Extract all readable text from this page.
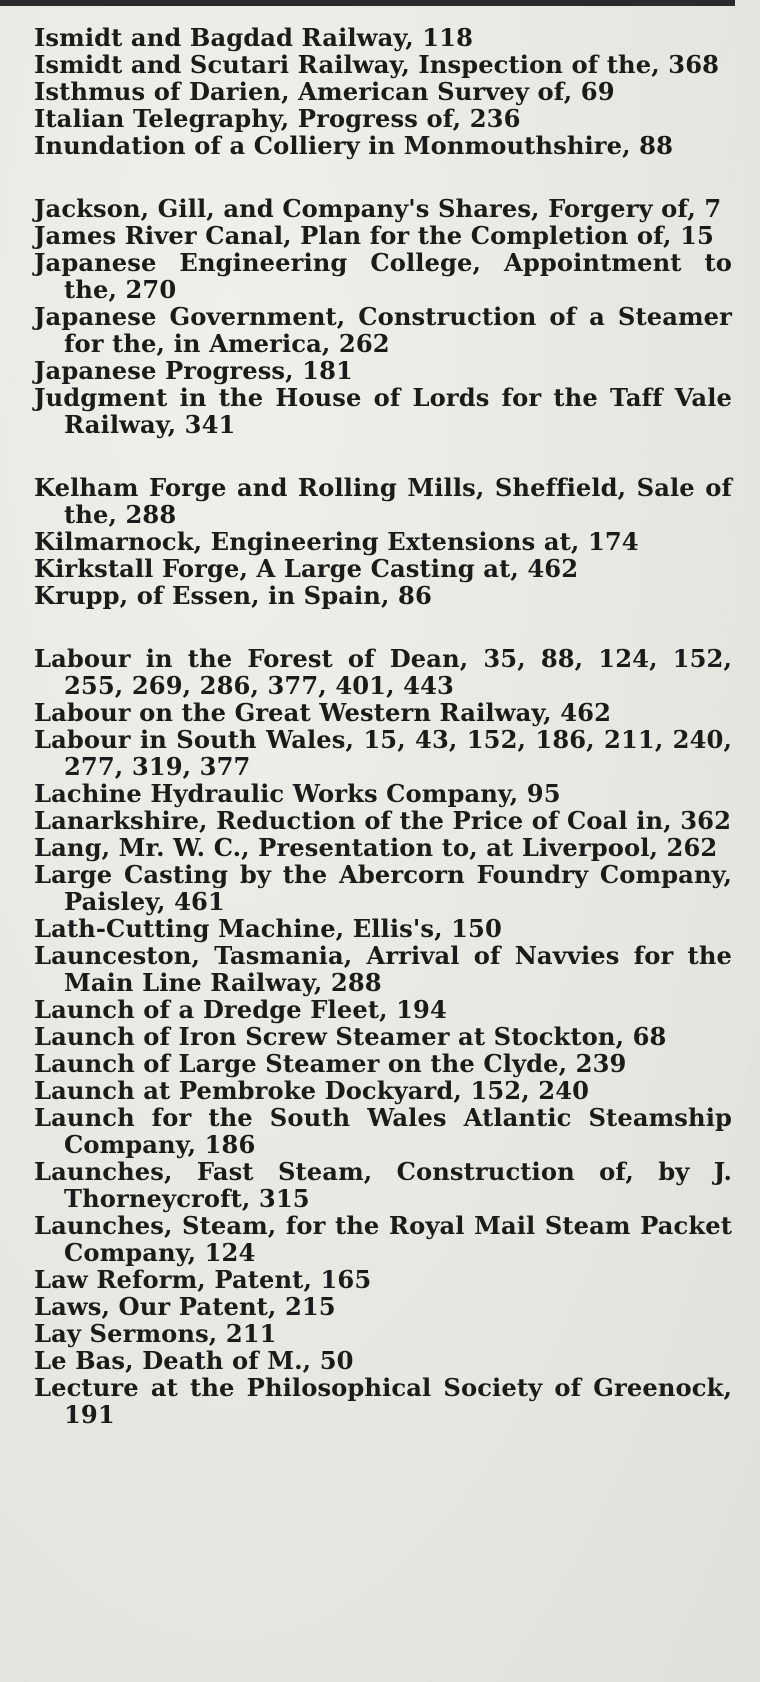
Ismidt and Bagdad Railway, 118

Ismidt and Scutari Railway, Inspection of the, 368

Isthmus of Darien, American Survey of, 69

Italian Telegraphy, Progress of, 236

Inundation of a Colliery in Monmouthshire, 88

Jackson, Gill, and Company's Shares, Forgery of, 7

James River Canal, Plan for the Completion of, 15

Japanese Engineering College, Appointment to the, 270

Japanese Government, Construction of a Steamer for the, in America, 262

Japanese Progress, 181

Judgment in the House of Lords for the Taff Vale Railway, 341

Kelham Forge and Rolling Mills, Sheffield, Sale of the, 288

Kilmarnock, Engineering Extensions at, 174

Kirkstall Forge, A Large Casting at, 462

Krupp, of Essen, in Spain, 86

Labour in the Forest of Dean, 35, 88, 124, 152, 255, 269, 286, 377, 401, 443

Labour on the Great Western Railway, 462

Labour in South Wales, 15, 43, 152, 186, 211, 240, 277, 319, 377

Lachine Hydraulic Works Company, 95

Lanarkshire, Reduction of the Price of Coal in, 362

Lang, Mr. W. C., Presentation to, at Liverpool, 262

Large Casting by the Abercorn Foundry Company, Paisley, 461

Lath-Cutting Machine, Ellis's, 150

Launceston, Tasmania, Arrival of Navvies for the Main Line Railway, 288

Launch of a Dredge Fleet, 194

Launch of Iron Screw Steamer at Stockton, 68

Launch of Large Steamer on the Clyde, 239

Launch at Pembroke Dockyard, 152, 240

Launch for the South Wales Atlantic Steamship Company, 186

Launches, Fast Steam, Construction of, by J. Thorneycroft, 315

Launches, Steam, for the Royal Mail Steam Packet Company, 124

Law Reform, Patent, 165

Laws, Our Patent, 215

Lay Sermons, 211

Le Bas, Death of M., 50

Lecture at the Philosophical Society of Greenock, 191
